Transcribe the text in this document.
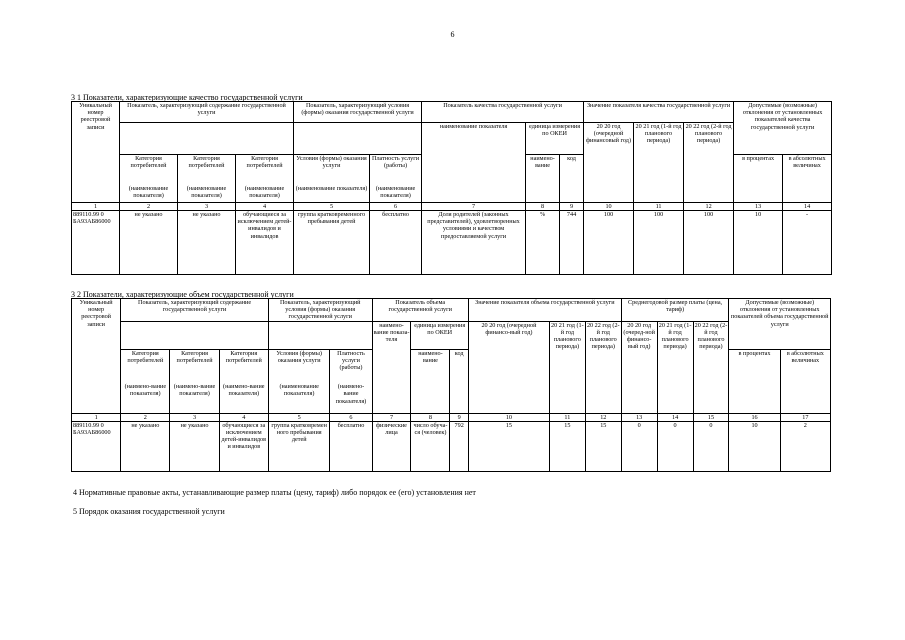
6
3 1 Показатели, характеризующие качество государственной услуги
Уникальный номер реестровой записи	Показатель, характеризующий содержание государственной услуги			Показатель, характеризующий условия (формы) оказания государственной услуги		Показатель качества государственной услуги			Значение показателя качества государственной услуги			Допустимые (возможные) отклонения от установленных показателей качества государственной услуги	
						наименование показателя	единица измерения по ОКЕИ		20 20 год (очередной финансовый год)	20 21 год (1-й год планового периода)	20 22 год (2-й год планового периода)		
	Категория потребителей	Категория потребителей	Категория потребителей	Условия (формы) оказания услуги	Платность услуги (работы)		наимено-вание	код				в процентах	в абсолютных величинах
	(наименование показателя)	(наименование показателя)	(наименование показателя)	(наименование показателя)	(наименование показателя)								
1	2	3	4	5	6	7	8	9	10	11	12	13	14
889110.99 0 БА93АБ86000	не указано	не указано	обучающиеся за исключением детей-инвалидов и инвалидов	группа кратковременного пребывания детей	бесплатно	Доля родителей (законных представителей), удовлетворенных условиями и качеством предоставляемой услуги	%	744	100	100	100	10	-
3 2 Показатели, характеризующие объем государственной услуги
Уникальный номер реестровой записи	Показатель, характеризующий содержание государственной услуги			Показатель, характеризующий условия (формы) оказания государственной услуги		Показатель объема государственной услуги			Значение показателя объема государственной услуги			Среднегодовой размер платы (цена, тариф)			Допустимые (возможные) отклонения от установленных показателей объема государственной услуги	
						наимено-вание показа-теля	единица измерения по ОКЕИ		20 20 год (очередной финансо-вый год)	20 21 год (1-й год планового периода)	20 22 год (2-й год планового периода)	20 20 год (очеред-ной финансо-вый год)	20 21 год (1-й год планового периода)	20 22 год (2-й год планового периода)		
	Категория потребителей	Категория потребителей	Категория потребителей	Условия (формы) оказания услуги	Платность услуги (работы)		наимено-вание	код							в процентах	в абсолютных величинах
	(наимено-вание показателя)	(наимено-вание показателя)	(наимено-вание показателя)	(наименование показателя)	(наимено-вание показателя)											
1	2	3	4	5	6	7	8	9	10	11	12	13	14	15	16	17
889110.99 0 БА93АБ86000	не указано	не указано	обучающиеся за исключением детей-инвалидов и инвалидов	группа кратковремен ного пребывания детей	бесплатно	физические лица	число обуча-ся (человек)	792	15	15	15	0	0	0	10	2
4 Нормативные правовые акты, устанавливающие размер платы (цену, тариф) либо порядок ее (его) установления нет
5 Порядок оказания государственной услуги
